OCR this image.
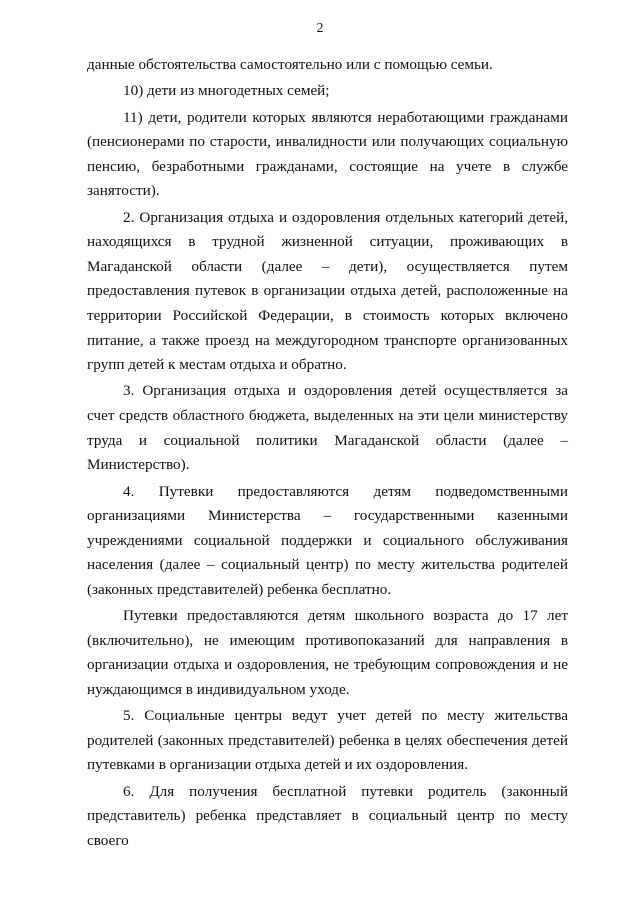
2

данные обстоятельства самостоятельно или с помощью семьи.

10) дети из многодетных семей;

11) дети, родители которых являются неработающими гражданами (пенсионерами по старости, инвалидности или получающих социальную пенсию, безработными гражданами, состоящие на учете в службе занятости).

2. Организация отдыха и оздоровления отдельных категорий детей, находящихся в трудной жизненной ситуации, проживающих в Магаданской области (далее – дети), осуществляется путем предоставления путевок в организации отдыха детей, расположенные на территории Российской Федерации, в стоимость которых включено питание, а также проезд на междугородном транспорте организованных групп детей к местам отдыха и обратно.

3. Организация отдыха и оздоровления детей осуществляется за счет средств областного бюджета, выделенных на эти цели министерству труда и социальной политики Магаданской области (далее – Министерство).

4. Путевки предоставляются детям подведомственными организациями Министерства – государственными казенными учреждениями социальной поддержки и социального обслуживания населения (далее – социальный центр) по месту жительства родителей (законных представителей) ребенка бесплатно.

Путевки предоставляются детям школьного возраста до 17 лет (включительно), не имеющим противопоказаний для направления в организации отдыха и оздоровления, не требующим сопровождения и не нуждающимся в индивидуальном уходе.

5. Социальные центры ведут учет детей по месту жительства родителей (законных представителей) ребенка в целях обеспечения детей путевками в организации отдыха детей и их оздоровления.

6. Для получения бесплатной путевки родитель (законный представитель) ребенка представляет в социальный центр по месту своего
